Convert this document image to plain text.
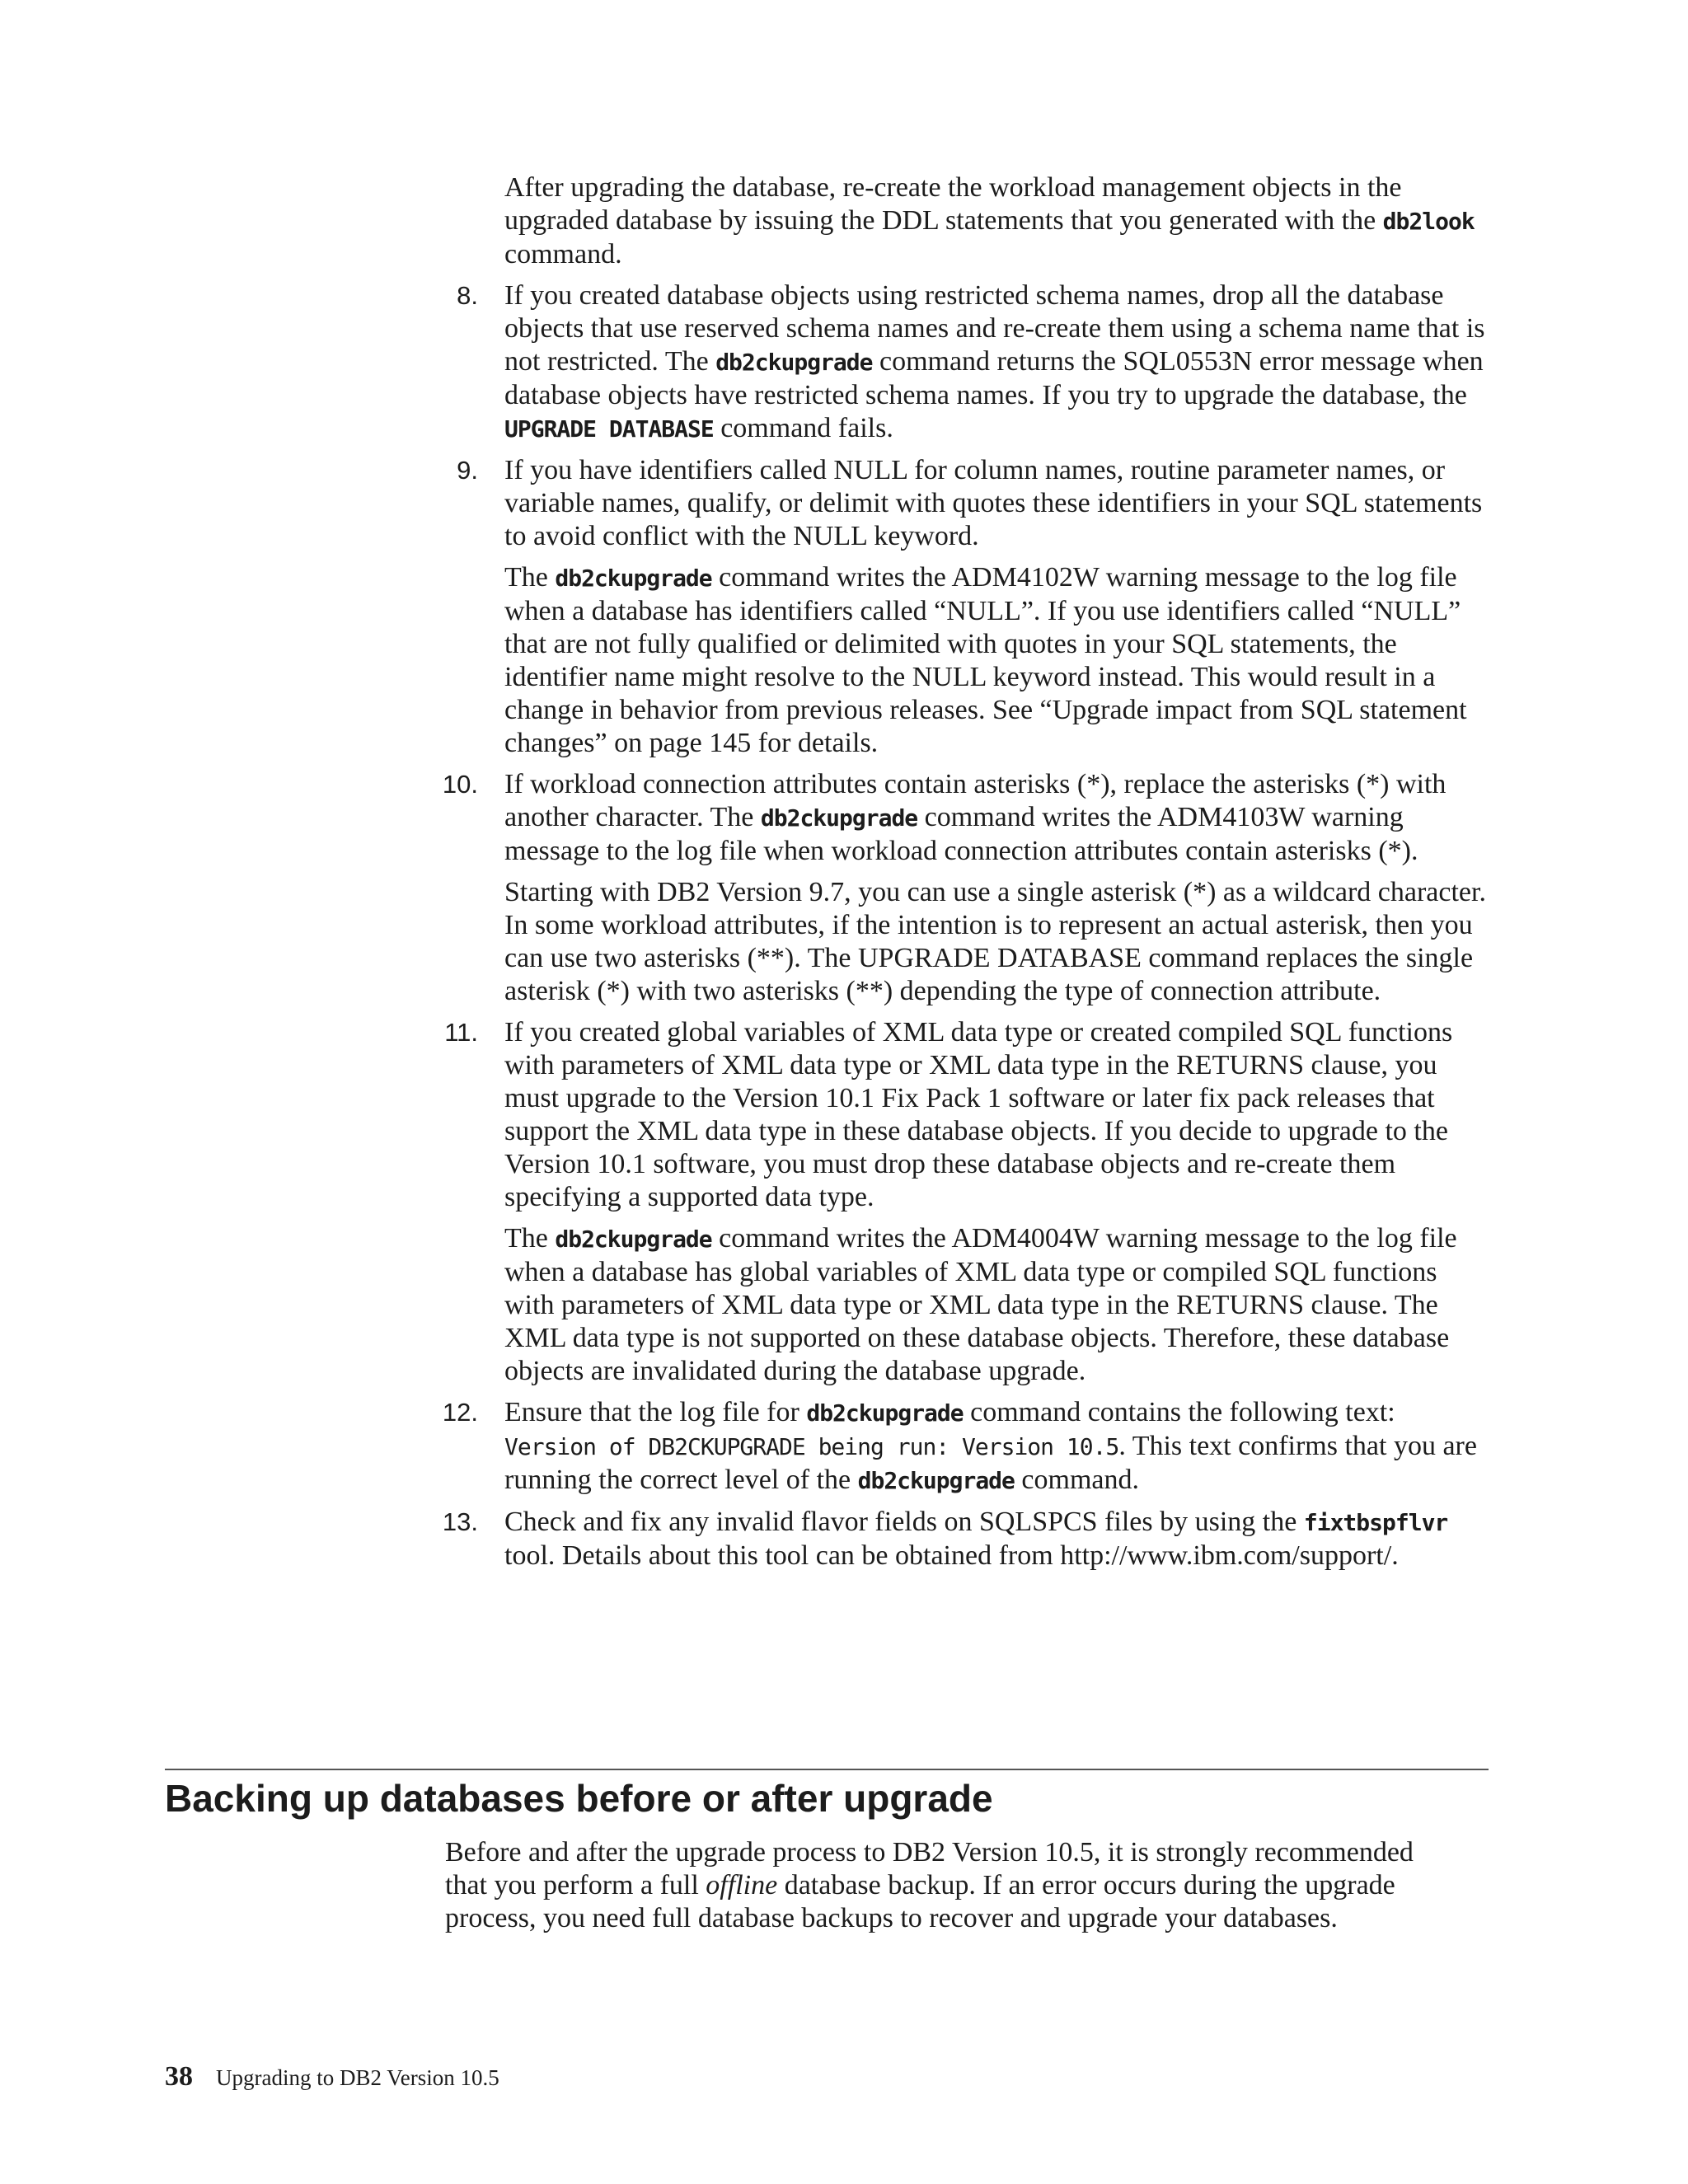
After upgrading the database, re-create the workload management objects in the upgraded database by issuing the DDL statements that you generated with the db2look command.

8. If you created database objects using restricted schema names, drop all the database objects that use reserved schema names and re-create them using a schema name that is not restricted. The db2ckupgrade command returns the SQL0553N error message when database objects have restricted schema names. If you try to upgrade the database, the UPGRADE DATABASE command fails.

9. If you have identifiers called NULL for column names, routine parameter names, or variable names, qualify, or delimit with quotes these identifiers in your SQL statements to avoid conflict with the NULL keyword.

The db2ckupgrade command writes the ADM4102W warning message to the log file when a database has identifiers called “NULL”. If you use identifiers called “NULL” that are not fully qualified or delimited with quotes in your SQL statements, the identifier name might resolve to the NULL keyword instead. This would result in a change in behavior from previous releases. See “Upgrade impact from SQL statement changes” on page 145 for details.

10. If workload connection attributes contain asterisks (*), replace the asterisks (*) with another character. The db2ckupgrade command writes the ADM4103W warning message to the log file when workload connection attributes contain asterisks (*).

Starting with DB2 Version 9.7, you can use a single asterisk (*) as a wildcard character. In some workload attributes, if the intention is to represent an actual asterisk, then you can use two asterisks (**). The UPGRADE DATABASE command replaces the single asterisk (*) with two asterisks (**) depending the type of connection attribute.

11. If you created global variables of XML data type or created compiled SQL functions with parameters of XML data type or XML data type in the RETURNS clause, you must upgrade to the Version 10.1 Fix Pack 1 software or later fix pack releases that support the XML data type in these database objects. If you decide to upgrade to the Version 10.1 software, you must drop these database objects and re-create them specifying a supported data type.

The db2ckupgrade command writes the ADM4004W warning message to the log file when a database has global variables of XML data type or compiled SQL functions with parameters of XML data type or XML data type in the RETURNS clause. The XML data type is not supported on these database objects. Therefore, these database objects are invalidated during the database upgrade.

12. Ensure that the log file for db2ckupgrade command contains the following text: Version of DB2CKUPGRADE being run: Version 10.5. This text confirms that you are running the correct level of the db2ckupgrade command.

13. Check and fix any invalid flavor fields on SQLSPCS files by using the fixtbspflvr tool. Details about this tool can be obtained from http://www.ibm.com/support/.

Backing up databases before or after upgrade

Before and after the upgrade process to DB2 Version 10.5, it is strongly recommended that you perform a full offline database backup. If an error occurs during the upgrade process, you need full database backups to recover and upgrade your databases.

38 Upgrading to DB2 Version 10.5
